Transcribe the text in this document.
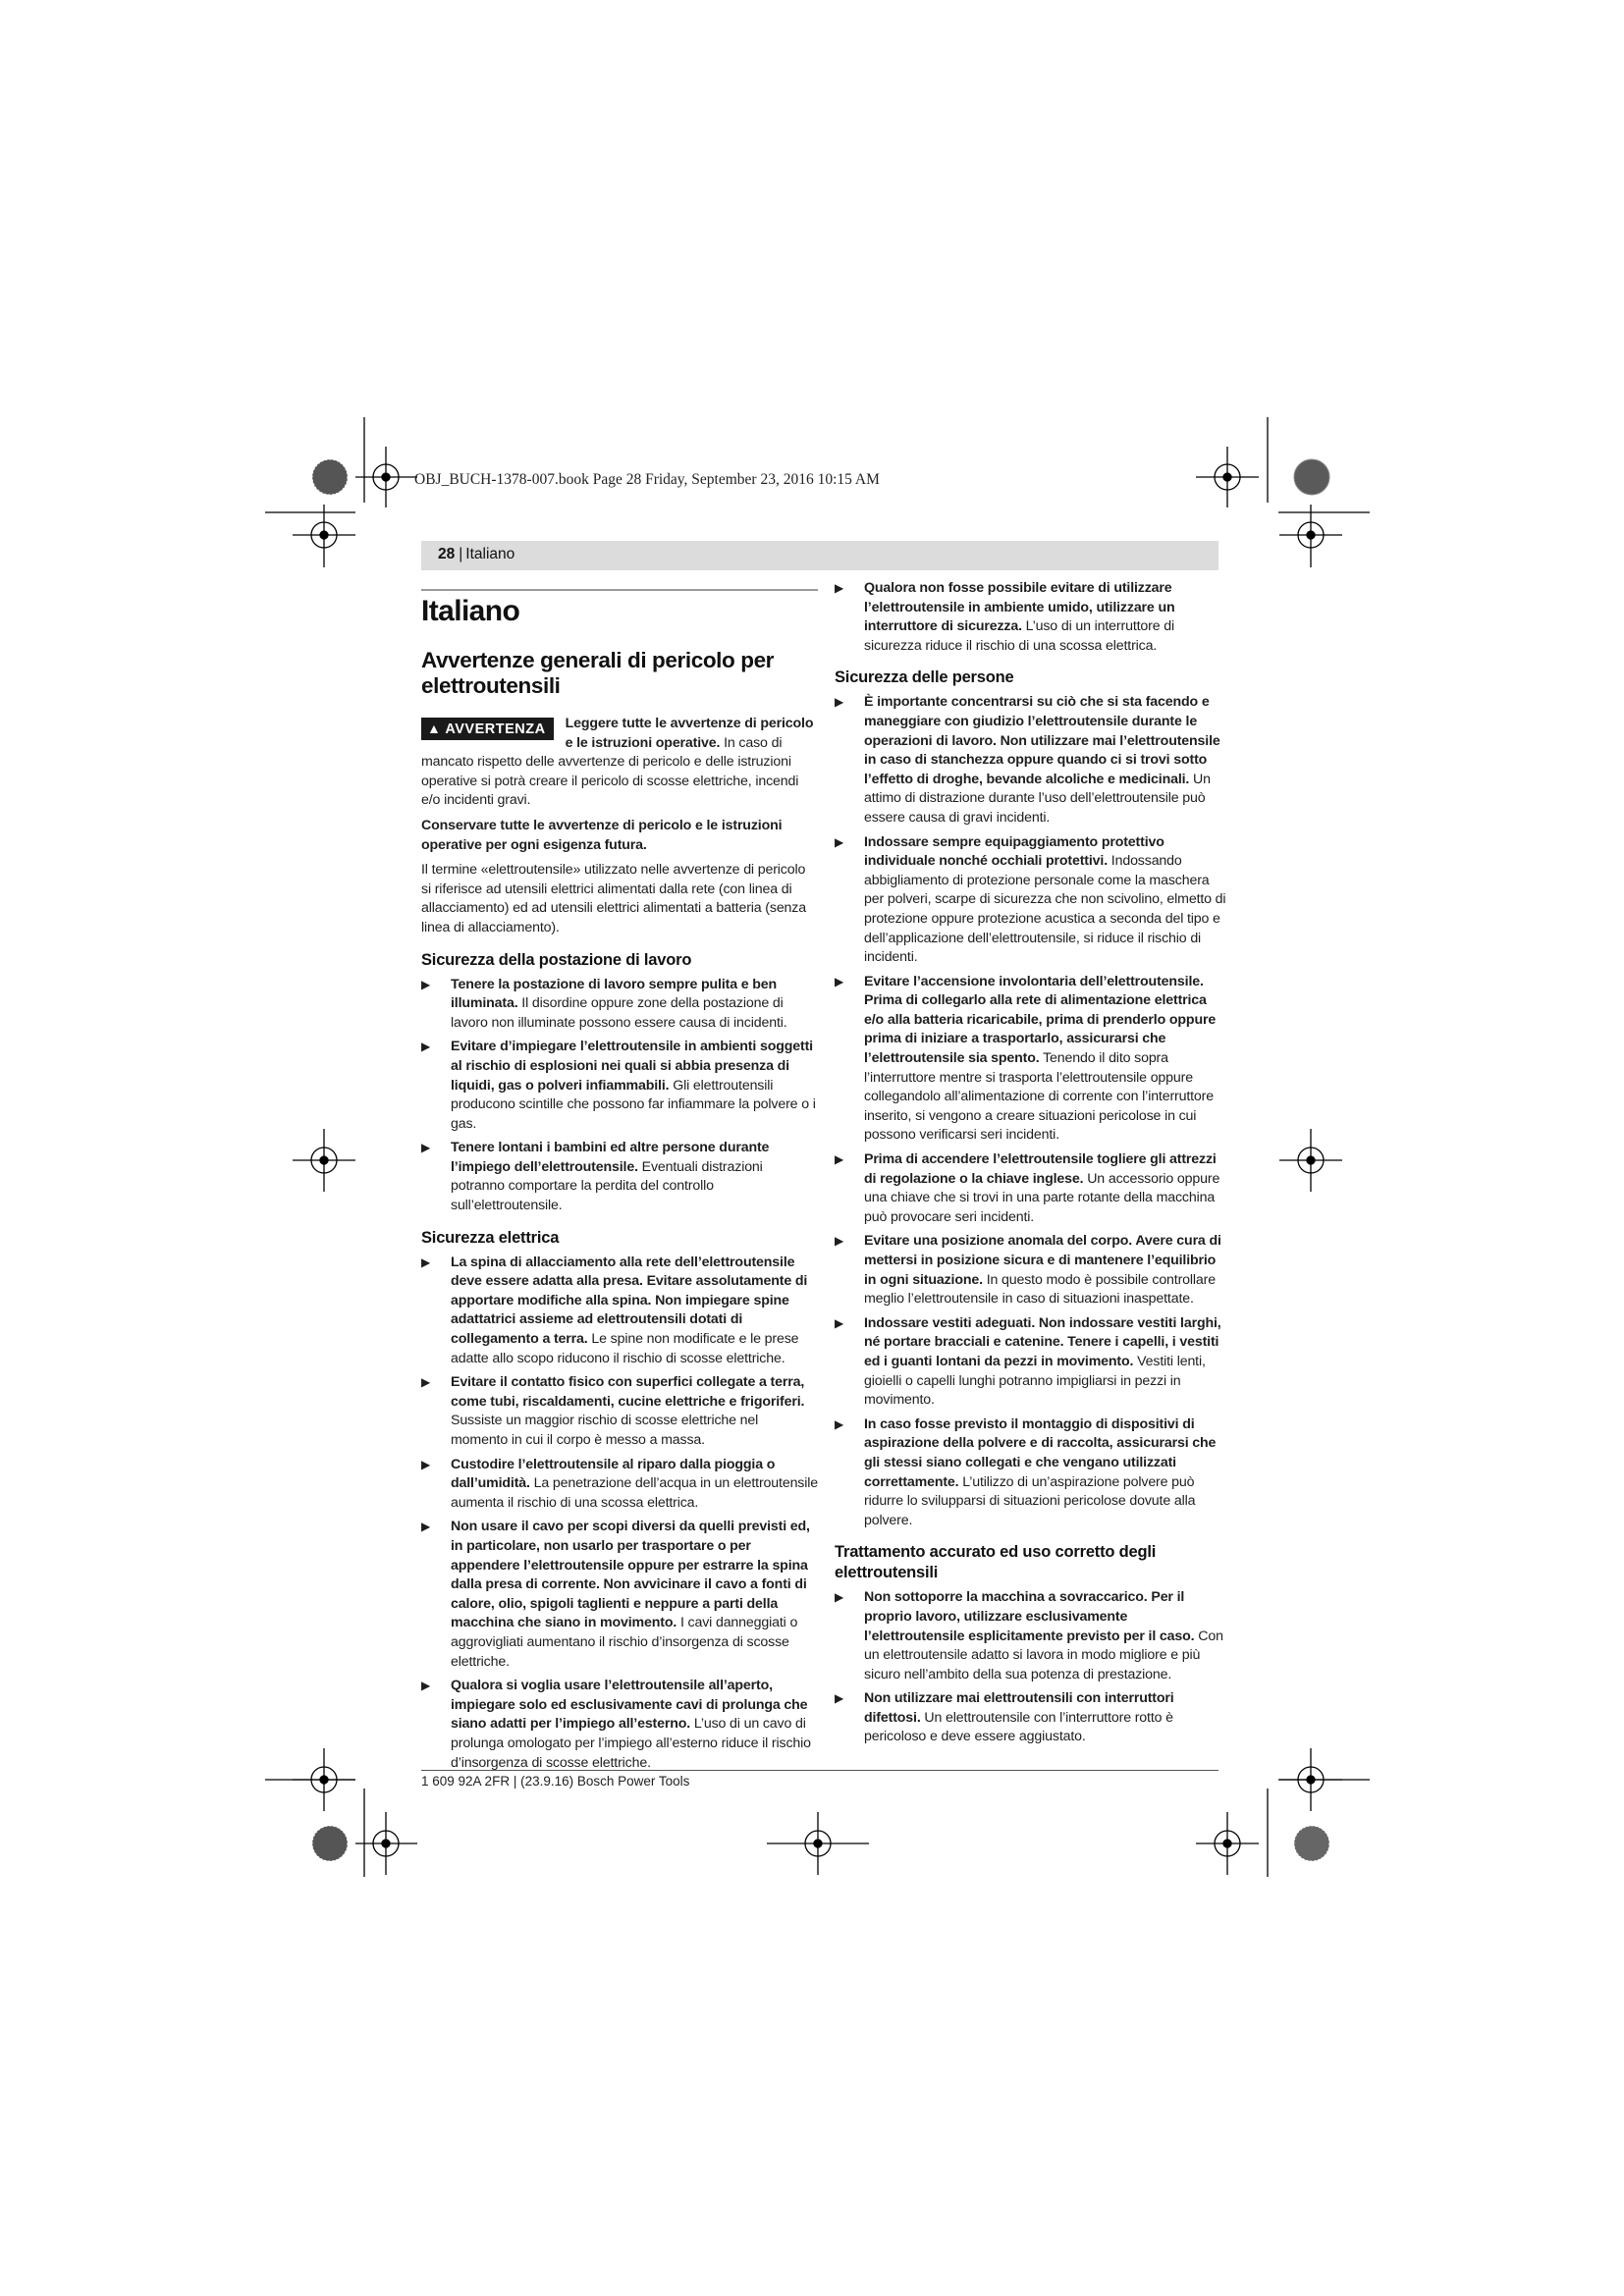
OBJ_BUCH-1378-007.book Page 28 Friday, September 23, 2016 10:15 AM
28 | Italiano
Italiano
Avvertenze generali di pericolo per elettroutensili

▲ AVVERTENZA	Leggere tutte le avvertenze di pericolo e le istruzioni operative. In caso di mancato rispetto delle avvertenze di pericolo e delle istruzioni operative si potrà creare il pericolo di scosse elettriche, incendi e/o incidenti gravi.

Conservare tutte le avvertenze di pericolo e le istruzioni operative per ogni esigenza futura.

Il termine «elettroutensile» utilizzato nelle avvertenze di pericolo si riferisce ad utensili elettrici alimentati dalla rete (con linea di allacciamento) ed ad utensili elettrici alimentati a batteria (senza linea di allacciamento).

Sicurezza della postazione di lavoro
▶ Tenere la postazione di lavoro sempre pulita e ben illuminata. Il disordine oppure zone della postazione di lavoro non illuminate possono essere causa di incidenti.
▶ Evitare d’impiegare l’elettroutensile in ambienti soggetti al rischio di esplosioni nei quali si abbia presenza di liquidi, gas o polveri infiammabili. Gli elettroutensili producono scintille che possono far infiammare la polvere o i gas.
▶ Tenere lontani i bambini ed altre persone durante l’impiego dell’elettroutensile. Eventuali distrazioni potranno comportare la perdita del controllo sull’elettroutensile.
Sicurezza elettrica
▶ La spina di allacciamento alla rete dell’elettroutensile deve essere adatta alla presa. Evitare assolutamente di apportare modifiche alla spina. Non impiegare spine adattatrici assieme ad elettroutensili dotati di collegamento a terra. Le spine non modificate e le prese adatte allo scopo riducono il rischio di scosse elettriche.
▶ Evitare il contatto fisico con superfici collegate a terra, come tubi, riscaldamenti, cucine elettriche e frigoriferi. Sussiste un maggior rischio di scosse elettriche nel momento in cui il corpo è messo a massa.
▶ Custodire l’elettroutensile al riparo dalla pioggia o dall’umidità. La penetrazione dell’acqua in un elettroutensile aumenta il rischio di una scossa elettrica.
▶ Non usare il cavo per scopi diversi da quelli previsti ed, in particolare, non usarlo per trasportare o per appendere l’elettroutensile oppure per estrarre la spina dalla presa di corrente. Non avvicinare il cavo a fonti di calore, olio, spigoli taglienti e neppure a parti della macchina che siano in movimento. I cavi danneggiati o aggrovigliati aumentano il rischio d’insorgenza di scosse elettriche.
▶ Qualora si voglia usare l’elettroutensile all’aperto, impiegare solo ed esclusivamente cavi di prolunga che siano adatti per l’impiego all’esterno. L’uso di un cavo di prolunga omologato per l’impiego all’esterno riduce il rischio d’insorgenza di scosse elettriche.
▶ Qualora non fosse possibile evitare di utilizzare l’elettroutensile in ambiente umido, utilizzare un interruttore di sicurezza. L’uso di un interruttore di sicurezza riduce il rischio di una scossa elettrica.
Sicurezza delle persone
▶ È importante concentrarsi su ciò che si sta facendo e maneggiare con giudizio l’elettroutensile durante le operazioni di lavoro. Non utilizzare mai l’elettroutensile in caso di stanchezza oppure quando ci si trovi sotto l’effetto di droghe, bevande alcoliche e medicinali. Un attimo di distrazione durante l’uso dell’elettroutensile può essere causa di gravi incidenti.
▶ Indossare sempre equipaggiamento protettivo individuale nonché occhiali protettivi. Indossando abbigliamento di protezione personale come la maschera per polveri, scarpe di sicurezza che non scivolino, elmetto di protezione oppure protezione acustica a seconda del tipo e dell’applicazione dell’elettroutensile, si riduce il rischio di incidenti.
▶ Evitare l’accensione involontaria dell’elettroutensile. Prima di collegarlo alla rete di alimentazione elettrica e/o alla batteria ricaricabile, prima di prenderlo oppure prima di iniziare a trasportarlo, assicurarsi che l’elettroutensile sia spento. Tenendo il dito sopra l’interruttore mentre si trasporta l’elettroutensile oppure collegandolo all’alimentazione di corrente con l’interruttore inserito, si vengono a creare situazioni pericolose in cui possono verificarsi seri incidenti.
▶ Prima di accendere l’elettroutensile togliere gli attrezzi di regolazione o la chiave inglese. Un accessorio oppure una chiave che si trovi in una parte rotante della macchina può provocare seri incidenti.
▶ Evitare una posizione anomala del corpo. Avere cura di mettersi in posizione sicura e di mantenere l’equilibrio in ogni situazione. In questo modo è possibile controllare meglio l’elettroutensile in caso di situazioni inaspettate.
▶ Indossare vestiti adeguati. Non indossare vestiti larghi, né portare bracciali e catenine. Tenere i capelli, i vestiti ed i guanti lontani da pezzi in movimento. Vestiti lenti, gioielli o capelli lunghi potranno impigliarsi in pezzi in movimento.
▶ In caso fosse previsto il montaggio di dispositivi di aspirazione della polvere e di raccolta, assicurarsi che gli stessi siano collegati e che vengano utilizzati correttamente. L’utilizzo di un’aspirazione polvere può ridurre lo svilupparsi di situazioni pericolose dovute alla polvere.
Trattamento accurato ed uso corretto degli elettroutensili
▶ Non sottoporre la macchina a sovraccarico. Per il proprio lavoro, utilizzare esclusivamente l’elettroutensile esplicitamente previsto per il caso. Con un elettroutensile adatto si lavora in modo migliore e più sicuro nell’ambito della sua potenza di prestazione.
▶ Non utilizzare mai elettroutensili con interruttori difettosi. Un elettroutensile con l’interruttore rotto è pericoloso e deve essere aggiustato.
1 609 92A 2FR | (23.9.16) Bosch Power Tools
